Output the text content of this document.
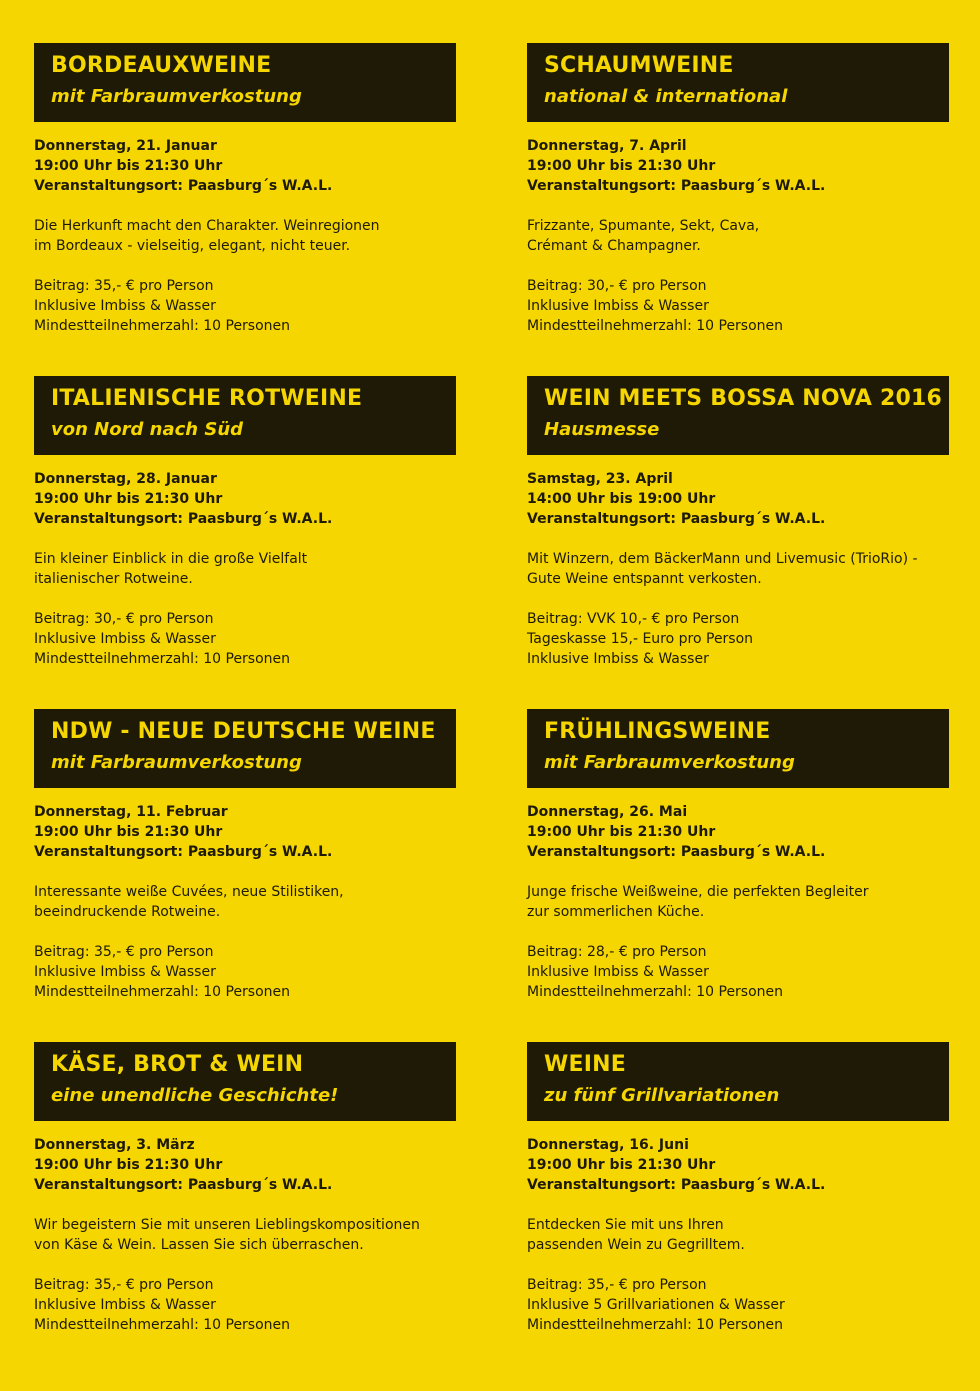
BORDEAUXWEINE
mit Farbraumverkostung
Donnerstag, 21. Januar
19:00 Uhr bis 21:30 Uhr
Veranstaltungsort: Paasburg´s W.A.L.
Die Herkunft macht den Charakter. Weinregionen
im Bordeaux - vielseitig, elegant, nicht teuer.
Beitrag: 35,- € pro Person
Inklusive Imbiss & Wasser
Mindestteilnehmerzahl: 10 Personen
SCHAUMWEINE
national & international
Donnerstag, 7. April
19:00 Uhr bis 21:30 Uhr
Veranstaltungsort: Paasburg´s W.A.L.
Frizzante, Spumante, Sekt, Cava,
Crémant & Champagner.
Beitrag: 30,- € pro Person
Inklusive Imbiss & Wasser
Mindestteilnehmerzahl: 10 Personen
ITALIENISCHE ROTWEINE
von Nord nach Süd
Donnerstag, 28. Januar
19:00 Uhr bis 21:30 Uhr
Veranstaltungsort: Paasburg´s W.A.L.
Ein kleiner Einblick in die große Vielfalt
italienischer Rotweine.
Beitrag: 30,- € pro Person
Inklusive Imbiss & Wasser
Mindestteilnehmerzahl: 10 Personen
WEIN MEETS BOSSA NOVA 2016
Hausmesse
Samstag, 23. April
14:00 Uhr bis 19:00 Uhr
Veranstaltungsort: Paasburg´s W.A.L.
Mit Winzern, dem BäckerMann und Livemusic (TrioRio) -
Gute Weine entspannt verkosten.
Beitrag: VVK 10,- € pro Person
Tageskasse 15,- Euro pro Person
Inklusive Imbiss & Wasser
NDW - NEUE DEUTSCHE WEINE
mit Farbraumverkostung
Donnerstag, 11. Februar
19:00 Uhr bis 21:30 Uhr
Veranstaltungsort: Paasburg´s W.A.L.
Interessante weiße Cuvées, neue Stilistiken,
beeindruckende Rotweine.
Beitrag: 35,- € pro Person
Inklusive Imbiss & Wasser
Mindestteilnehmerzahl: 10 Personen
FRÜHLINGSWEINE
mit Farbraumverkostung
Donnerstag, 26. Mai
19:00 Uhr bis 21:30 Uhr
Veranstaltungsort: Paasburg´s W.A.L.
Junge frische Weißweine, die perfekten Begleiter
zur sommerlichen Küche.
Beitrag: 28,- € pro Person
Inklusive Imbiss & Wasser
Mindestteilnehmerzahl: 10 Personen
KÄSE, BROT & WEIN
eine unendliche Geschichte!
Donnerstag, 3. März
19:00 Uhr bis 21:30 Uhr
Veranstaltungsort: Paasburg´s W.A.L.
Wir begeistern Sie mit unseren Lieblingskompositionen
von Käse & Wein. Lassen Sie sich überraschen.
Beitrag: 35,- € pro Person
Inklusive Imbiss & Wasser
Mindestteilnehmerzahl: 10 Personen
WEINE
zu fünf Grillvariationen
Donnerstag, 16. Juni
19:00 Uhr bis 21:30 Uhr
Veranstaltungsort: Paasburg´s W.A.L.
Entdecken Sie mit uns Ihren
passenden Wein zu Gegrilltem.
Beitrag: 35,- € pro Person
Inklusive 5 Grillvariationen & Wasser
Mindestteilnehmerzahl: 10 Personen
